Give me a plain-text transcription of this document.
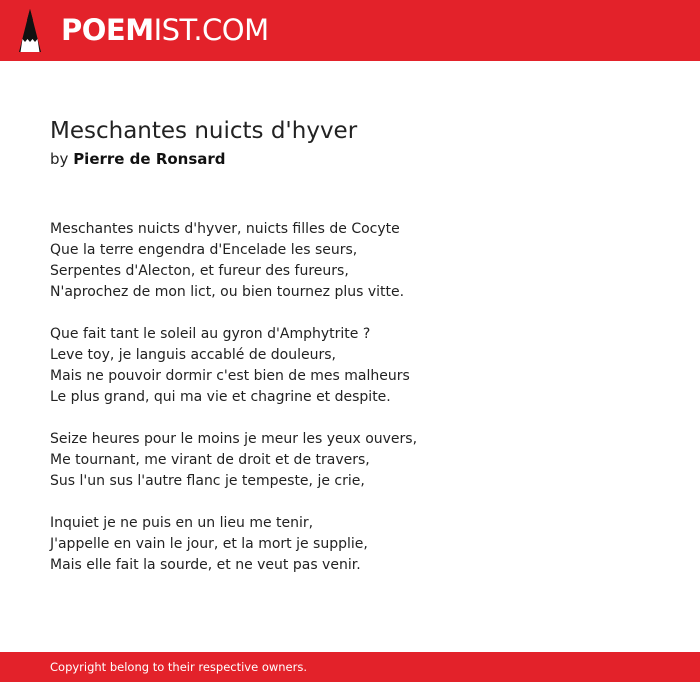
POEMIST.COM
Meschantes nuicts d'hyver
by Pierre de Ronsard
Meschantes nuicts d'hyver, nuicts filles de Cocyte
Que la terre engendra d'Encelade les seurs,
Serpentes d'Alecton, et fureur des fureurs,
N'aprochez de mon lict, ou bien tournez plus vitte.
Que fait tant le soleil au gyron d'Amphytrite ?
Leve toy, je languis accablé de douleurs,
Mais ne pouvoir dormir c'est bien de mes malheurs
Le plus grand, qui ma vie et chagrine et despite.
Seize heures pour le moins je meur les yeux ouvers,
Me tournant, me virant de droit et de travers,
Sus l'un sus l'autre flanc je tempeste, je crie,
Inquiet je ne puis en un lieu me tenir,
J'appelle en vain le jour, et la mort je supplie,
Mais elle fait la sourde, et ne veut pas venir.
Copyright belong to their respective owners.
